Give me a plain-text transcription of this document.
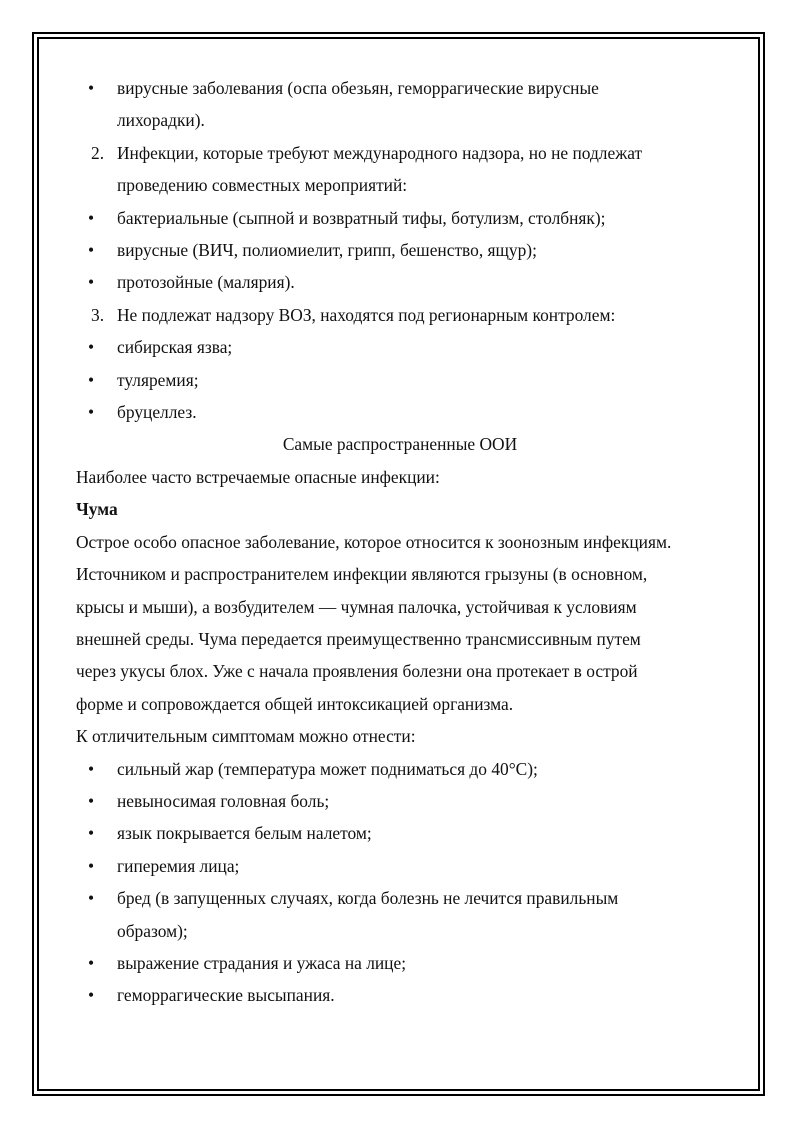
• вирусные заболевания (оспа обезьян, геморрагические вирусные
лихорадки).
2. Инфекции, которые требуют международного надзора, но не подлежат
проведению совместных мероприятий:
•	бактериальные (сыпной и возвратный тифы, ботулизм, столбняк);
•	вирусные (ВИЧ, полиомиелит, грипп, бешенство, ящур);
•	протозойные (малярия).
3. Не подлежат надзору ВОЗ, находятся под регионарным контролем:
•	сибирская язва;
•	туляремия;
•	бруцеллез.
Самые распространенные ООИ
Наиболее часто встречаемые опасные инфекции:
Чума
Острое особо опасное заболевание, которое относится к зоонозным инфекциям.
Источником и распространителем инфекции являются грызуны (в основном,
крысы и мыши), а возбудителем — чумная палочка, устойчивая к условиям
внешней среды. Чума передается преимущественно трансмиссивным путем
через укусы блох. Уже с начала проявления болезни она протекает в острой
форме и сопровождается общей интоксикацией организма.
К отличительным симптомам можно отнести:
•	сильный жар (температура может подниматься до 40°C);
•	невыносимая головная боль;
•	язык покрывается белым налетом;
•	гиперемия лица;
• бред (в запущенных случаях, когда болезнь не лечится правильным
образом);
•	выражение страдания и ужаса на лице;
•	геморрагические высыпания.
